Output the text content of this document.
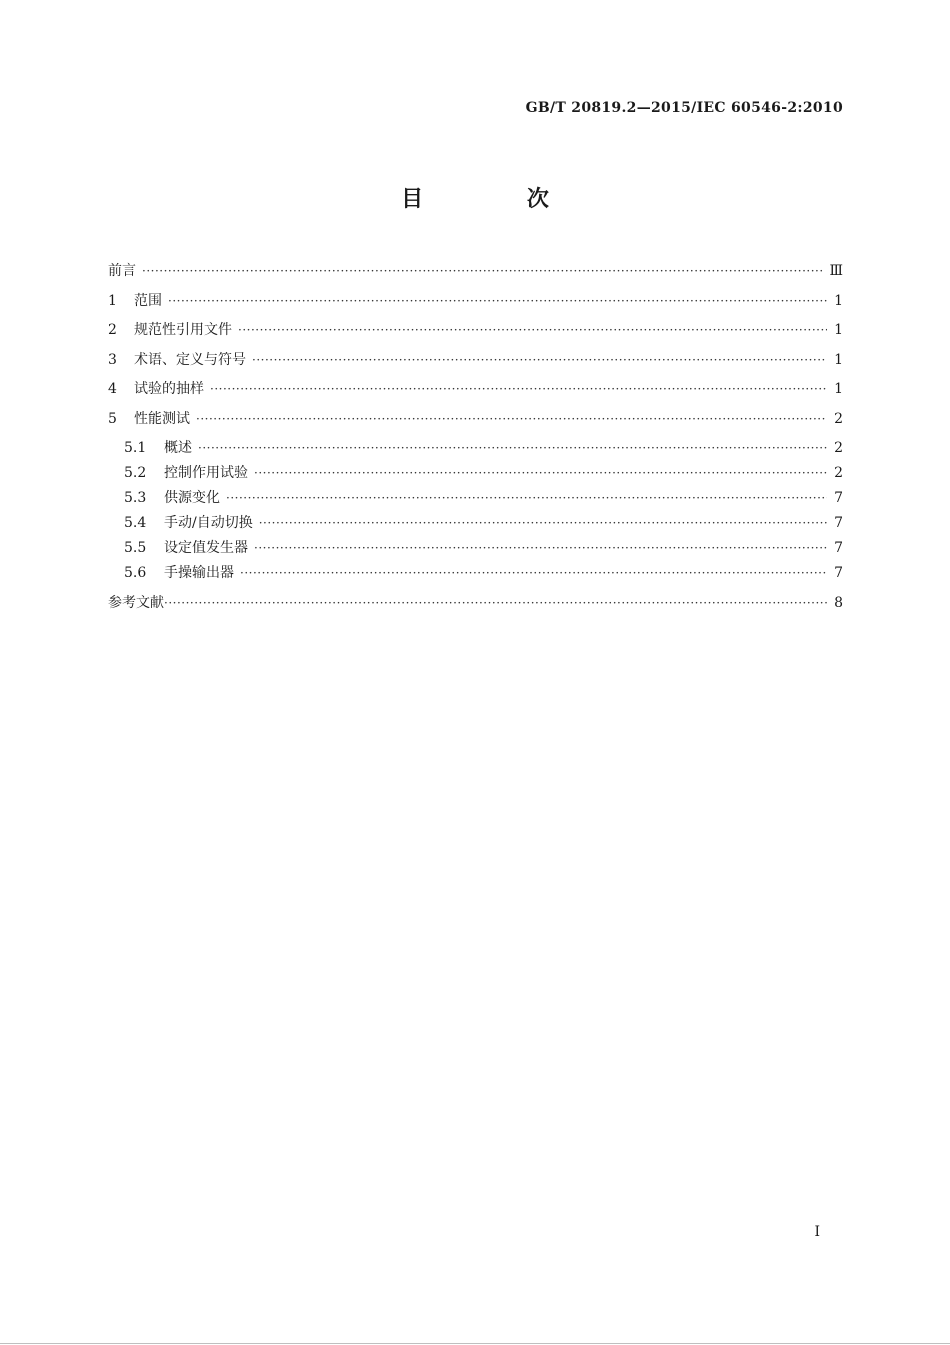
GB/T 20819.2—2015/IEC 60546-2:2010
目 次
前言 ·····	Ⅲ
1	范围 ·····	1
2	规范性引用文件 ·····	1
3	术语、定义与符号 ·····	1
4	试验的抽样 ·····	1
5	性能测试 ·····	2
5.1	概述 ·····	2
5.2	控制作用试验 ·····	2
5.3	供源变化 ·····	7
5.4	手动/自动切换 ·····	7
5.5	设定值发生器 ·····	7
5.6	手操输出器 ·····	7
参考文献 ·····	8
I
